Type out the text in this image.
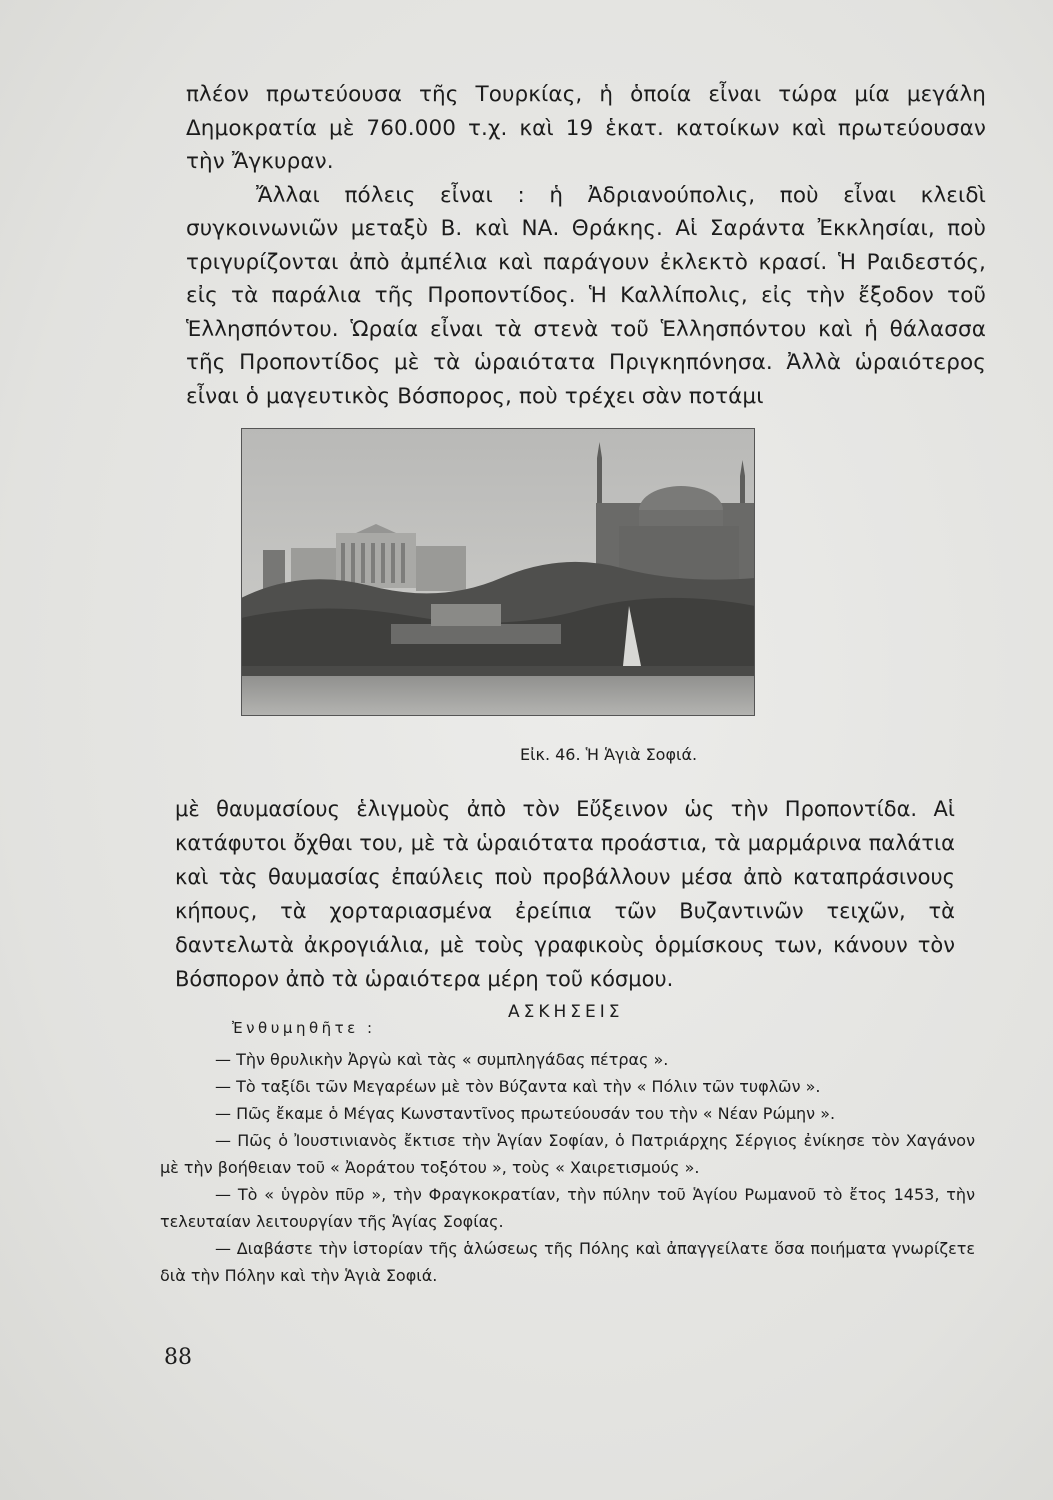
πλέον πρωτεύουσα τῆς Τουρκίας, ἡ ὁποία εἶναι τώρα μία μεγάλη Δημοκρατία μὲ 760.000 τ.χ. καὶ 19 ἑκατ. κατοίκων καὶ πρωτεύουσαν τὴν Ἄγκυραν.

Ἄλλαι πόλεις εἶναι : ἡ Ἀδριανούπολις, ποὺ εἶναι κλειδὶ συγκοινωνιῶν μεταξὺ Β. καὶ ΝΑ. Θράκης. Αἱ Σαράντα Ἐκκλησίαι, ποὺ τριγυρίζονται ἀπὸ ἀμπέλια καὶ παράγουν ἐκλεκτὸ κρασί. Ἡ Ραιδεστός, εἰς τὰ παράλια τῆς Προποντίδος. Ἡ Καλλίπολις, εἰς τὴν ἔξοδον τοῦ Ἑλλησπόντου. Ὡραία εἶναι τὰ στενὰ τοῦ Ἑλλησπόντου καὶ ἡ θάλασσα τῆς Προποντίδος μὲ τὰ ὡραιότατα Πριγκηπόνησα. Ἀλλὰ ὡραιότερος εἶναι ὁ μαγευτικὸς Βόσπορος, ποὺ τρέχει σὰν ποτάμι

Εἰκ. 46. Ἡ Ἁγιὰ Σοφιά.

μὲ θαυμασίους ἑλιγμοὺς ἀπὸ τὸν Εὔξεινον ὡς τὴν Προποντίδα. Αἱ κατάφυτοι ὄχθαι του, μὲ τὰ ὡραιότατα προάστια, τὰ μαρμάρινα παλάτια καὶ τὰς θαυμασίας ἐπαύλεις ποὺ προβάλλουν μέσα ἀπὸ καταπράσινους κήπους, τὰ χορταριασμένα ἐρείπια τῶν Βυζαντινῶν τειχῶν, τὰ δαντελωτὰ ἀκρογιάλια, μὲ τοὺς γραφικοὺς ὁρμίσκους των, κάνουν τὸν Βόσπορον ἀπὸ τὰ ὡραιότερα μέρη τοῦ κόσμου.

ΑΣΚΗΣΕΙΣ
Ἐνθυμηθῆτε :

— Τὴν θρυλικὴν Ἀργὼ καὶ τὰς « συμπληγάδας πέτρας ».

— Τὸ ταξίδι τῶν Μεγαρέων μὲ τὸν Βύζαντα καὶ τὴν « Πόλιν τῶν τυφλῶν ».

— Πῶς ἔκαμε ὁ Μέγας Κωνσταντῖνος πρωτεύουσάν του τὴν « Νέαν Ρώμην ».

— Πῶς ὁ Ἰουστινιανὸς ἔκτισε τὴν Ἁγίαν Σοφίαν, ὁ Πατριάρχης Σέργιος ἐνίκησε τὸν Χαγάνον μὲ τὴν βοήθειαν τοῦ « Ἀοράτου τοξότου », τοὺς « Χαιρετισμούς ».

— Τὸ « ὑγρὸν πῦρ », τὴν Φραγκοκρατίαν, τὴν πύλην τοῦ Ἁγίου Ρωμανοῦ τὸ ἔτος 1453, τὴν τελευταίαν λειτουργίαν τῆς Ἁγίας Σοφίας.

— Διαβάστε τὴν ἱστορίαν τῆς ἁλώσεως τῆς Πόλης καὶ ἀπαγγείλατε ὅσα ποιήματα γνωρίζετε διὰ τὴν Πόλην καὶ τὴν Ἁγιὰ Σοφιά.

88
